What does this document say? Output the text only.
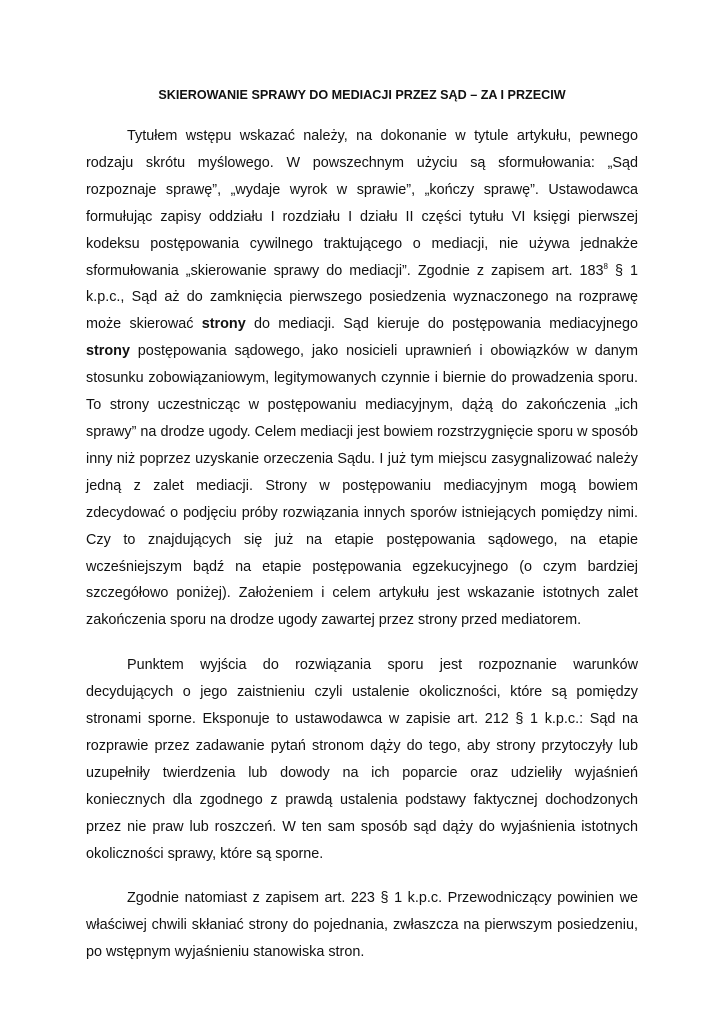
SKIEROWANIE SPRAWY DO MEDIACJI PRZEZ SĄD – ZA I PRZECIW

Tytułem wstępu wskazać należy, na dokonanie w tytule artykułu, pewnego rodzaju skrótu myślowego. W powszechnym użyciu są sformułowania: „Sąd rozpoznaje sprawę”, „wydaje wyrok w sprawie”, „kończy sprawę”. Ustawodawca formułując zapisy oddziału I rozdziału I działu II części tytułu VI księgi pierwszej kodeksu postępowania cywilnego traktującego o mediacji, nie używa jednakże sformułowania „skierowanie sprawy do mediacji”. Zgodnie z zapisem art. $183^8$ § 1 k.p.c., Sąd aż do zamknięcia pierwszego posiedzenia wyznaczonego na rozprawę może skierować strony do mediacji. Sąd kieruje do postępowania mediacyjnego strony postępowania sądowego, jako nosicieli uprawnień i obowiązków w danym stosunku zobowiązaniowym, legitymowanych czynnie i biernie do prowadzenia sporu. To strony uczestnicząc w postępowaniu mediacyjnym, dążą do zakończenia „ich sprawy” na drodze ugody. Celem mediacji jest bowiem rozstrzygnięcie sporu w sposób inny niż poprzez uzyskanie orzeczenia Sądu. I już tym miejscu zasygnalizować należy jedną z zalet mediacji. Strony w postępowaniu mediacyjnym mogą bowiem zdecydować o podjęciu próby rozwiązania innych sporów istniejących pomiędzy nimi. Czy to znajdujących się już na etapie postępowania sądowego, na etapie wcześniejszym bądź na etapie postępowania egzekucyjnego (o czym bardziej szczegółowo poniżej). Założeniem i celem artykułu jest wskazanie istotnych zalet zakończenia sporu na drodze ugody zawartej przez strony przed mediatorem.

Punktem wyjścia do rozwiązania sporu jest rozpoznanie warunków decydujących o jego zaistnieniu czyli ustalenie okoliczności, które są pomiędzy stronami sporne. Eksponuje to ustawodawca w zapisie art. 212 § 1 k.p.c.: Sąd na rozprawie przez zadawanie pytań stronom dąży do tego, aby strony przytoczyły lub uzupełniły twierdzenia lub dowody na ich poparcie oraz udzieliły wyjaśnień koniecznych dla zgodnego z prawdą ustalenia podstawy faktycznej dochodzonych przez nie praw lub roszczeń. W ten sam sposób sąd dąży do wyjaśnienia istotnych okoliczności sprawy, które są sporne.

Zgodnie natomiast z zapisem art. 223 § 1 k.p.c. Przewodniczący powinien we właściwej chwili skłaniać strony do pojednania, zwłaszcza na pierwszym posiedzeniu, po wstępnym wyjaśnieniu stanowiska stron.
